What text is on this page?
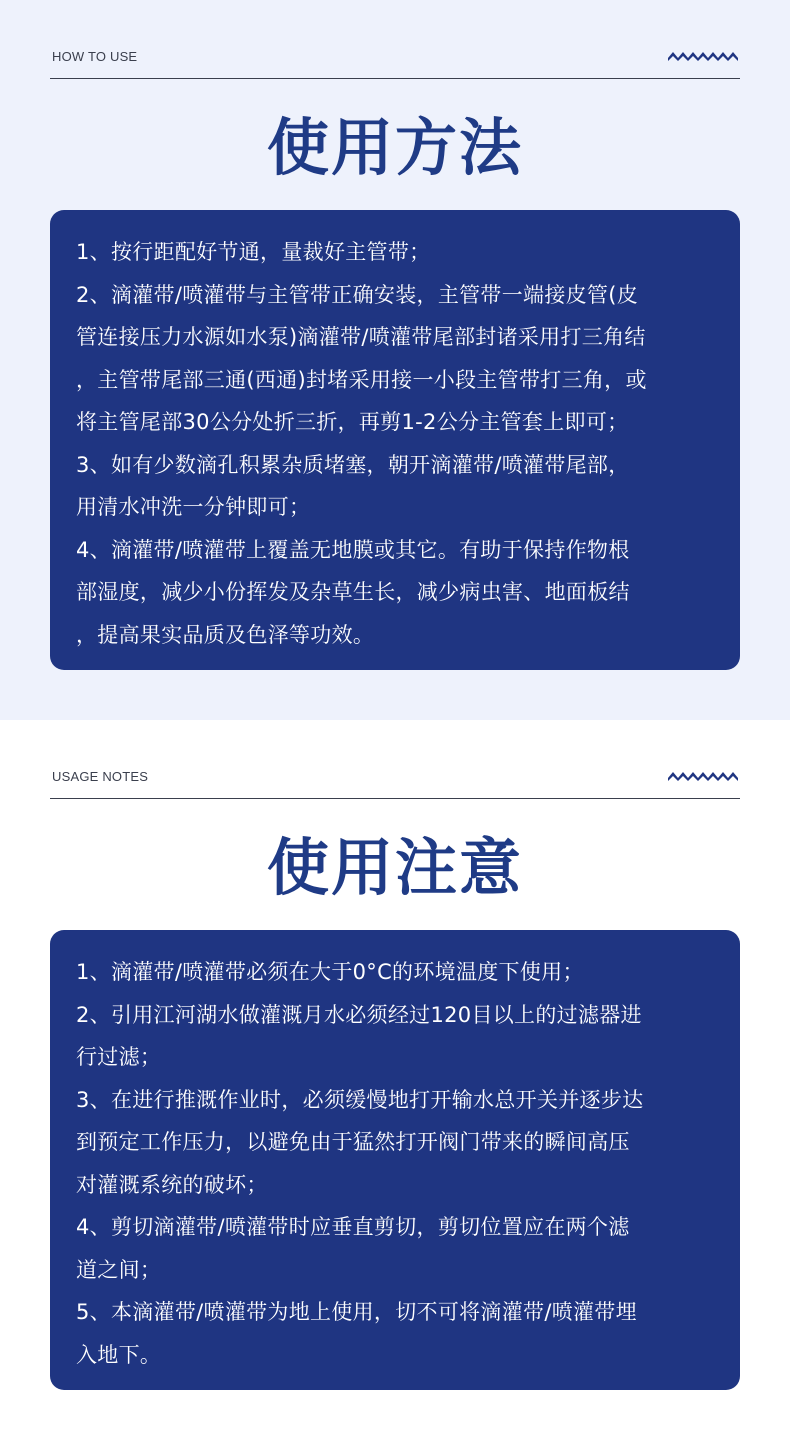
HOW TO USE
使用方法

1、按行距配好节通，量裁好主管带；

2、滴灌带/喷灌带与主管带正确安装，主管带一端接皮管(皮

管连接压力水源如水泵)滴灌带/喷灌带尾部封诸采用打三角结

，主管带尾部三通(西通)封堵采用接一小段主管带打三角，或

将主管尾部30公分处折三折，再剪1-2公分主管套上即可；

3、如有少数滴孔积累杂质堵塞，朝开滴灌带/喷灌带尾部，

用清水冲洗一分钟即可；

4、滴灌带/喷灌带上覆盖无地膜或其它。有助于保持作物根

部湿度，减少小份挥发及杂草生长，减少病虫害、地面板结

，提高果实品质及色泽等功效。

USAGE NOTES
使用注意

1、滴灌带/喷灌带必须在大于0°C的环境温度下使用；

2、引用江河湖水做灌溉月水必须经过120目以上的过滤器进

行过滤；

3、在进行推溉作业时，必须缓慢地打开输水总开关并逐步达

到预定工作压力，以避免由于猛然打开阀门带来的瞬间高压

对灌溉系统的破坏；

4、剪切滴灌带/喷灌带时应垂直剪切，剪切位置应在两个滤

道之间；

5、本滴灌带/喷灌带为地上使用，切不可将滴灌带/喷灌带埋

入地下。
